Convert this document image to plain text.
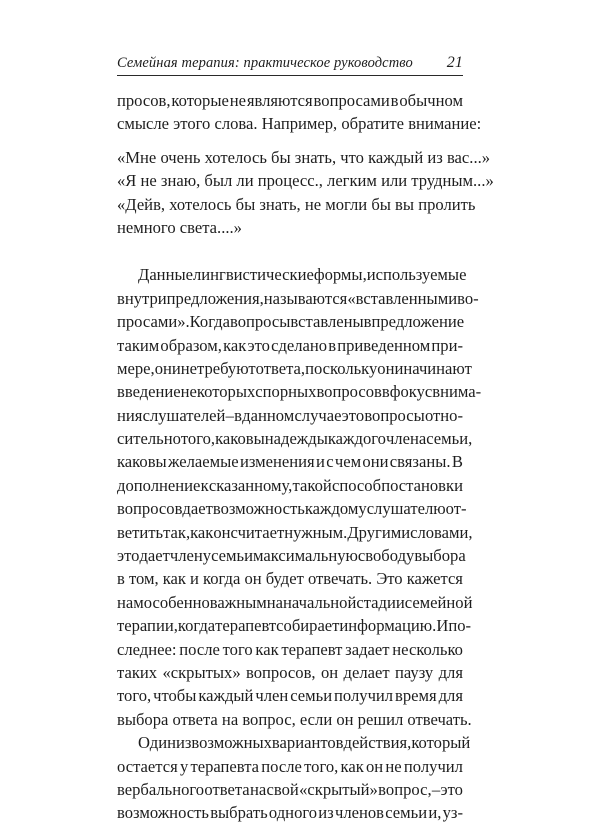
Семейная терапия: практическое руководство 21
просов, которые не являются вопросами в обычном
смысле этого слова. Например, обратите внимание:
«Мне очень хотелось бы знать, что каждый из вас...»
«Я не знаю, был ли процесс., легким или трудным...»
«Дейв, хотелось бы знать, не могли бы вы пролить
немного света....»
Данные лингвистические формы, используемые
внутри предложения, называются «вставленными во-
просами». Когда вопросы вставлены в предложение
таким образом, как это сделано в приведенном при-
мере, они не требуют ответа, поскольку они начинают
введение некоторых спорных вопросов в фокус внима-
ния слушателей – в данном случае это вопросы отно-
сительно того, каковы надежды каждого члена семьи,
каковы желаемые изменения и с чем они связаны. В
дополнение к сказанному, такой способ постановки
вопросов дает возможность каждому слушателю от-
ветить так, как он считает нужным. Другими словами,
это дает члену семьи максимальную свободу выбора
в том, как и когда он будет отвечать. Это кажется
нам особенно важным на начальной стадии семейной
терапии, когда терапевт собирает информацию. И по-
следнее: после того как терапевт задает несколько
таких «скрытых» вопросов, он делает паузу для
того, чтобы каждый член семьи получил время для
выбора ответа на вопрос, если он решил отвечать.
Один из возможных вариантов действия, который
остается у терапевта после того, как он не получил
вербального ответа на свой «скрытый» вопрос, – это
возможность выбрать одного из членов семьи и, уз-
